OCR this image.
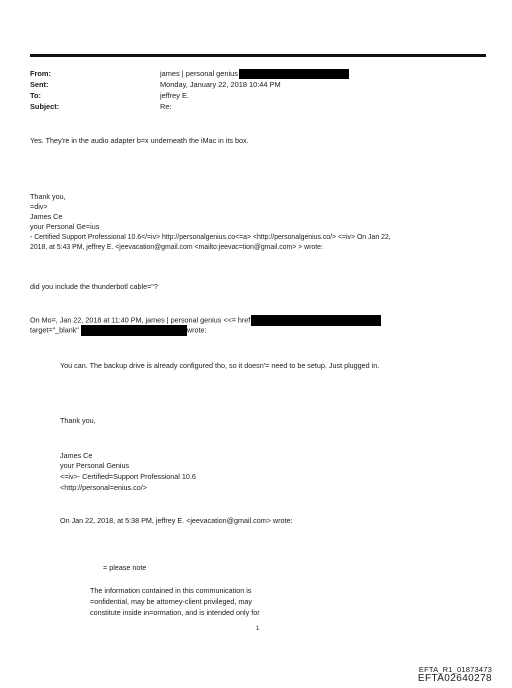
From:	james | personal genius
Sent:	Monday, January 22, 2018 10:44 PM
To:	jeffrey E.
Subject:	Re:
Yes. They're in the audio adapter b=x underneath the iMac in its box.
Thank you,
=div>
James Ce
your Personal Ge=ius
- Certified Support Professional 10.6</=iv> http://personalgenius.co<=a> <http://personalgenius.co/> <=iv> On Jan 22,
2018, at 5:43 PM, jeffrey E. <jeevacation@gmail.com <mailto:jeevac=tion@gmail.com> > wrote:
did you include the thunderbotl cable="?
On Mo=, Jan 22, 2018 at 11:40 PM, james | personal genius <<= href
target="_blank"	wrote:
You can. The backup drive is already configured tho, so it doesn'= need to be setup. Just plugged in.
Thank you,
James Ce
your Personal Genius
<=iv>- Certified=Support Professional 10.6
<http://personal=enius.co/>
On Jan 22, 2018, at 5:38 PM, jeffrey E. <jeevacation@gmail.com> wrote:
= please note
The information contained in this communication is
=onfidential, may be attorney-client privileged, may
constitute inside in=ormation, and is intended only for
1
EFTA_R1_01873473
EFTA02640278
